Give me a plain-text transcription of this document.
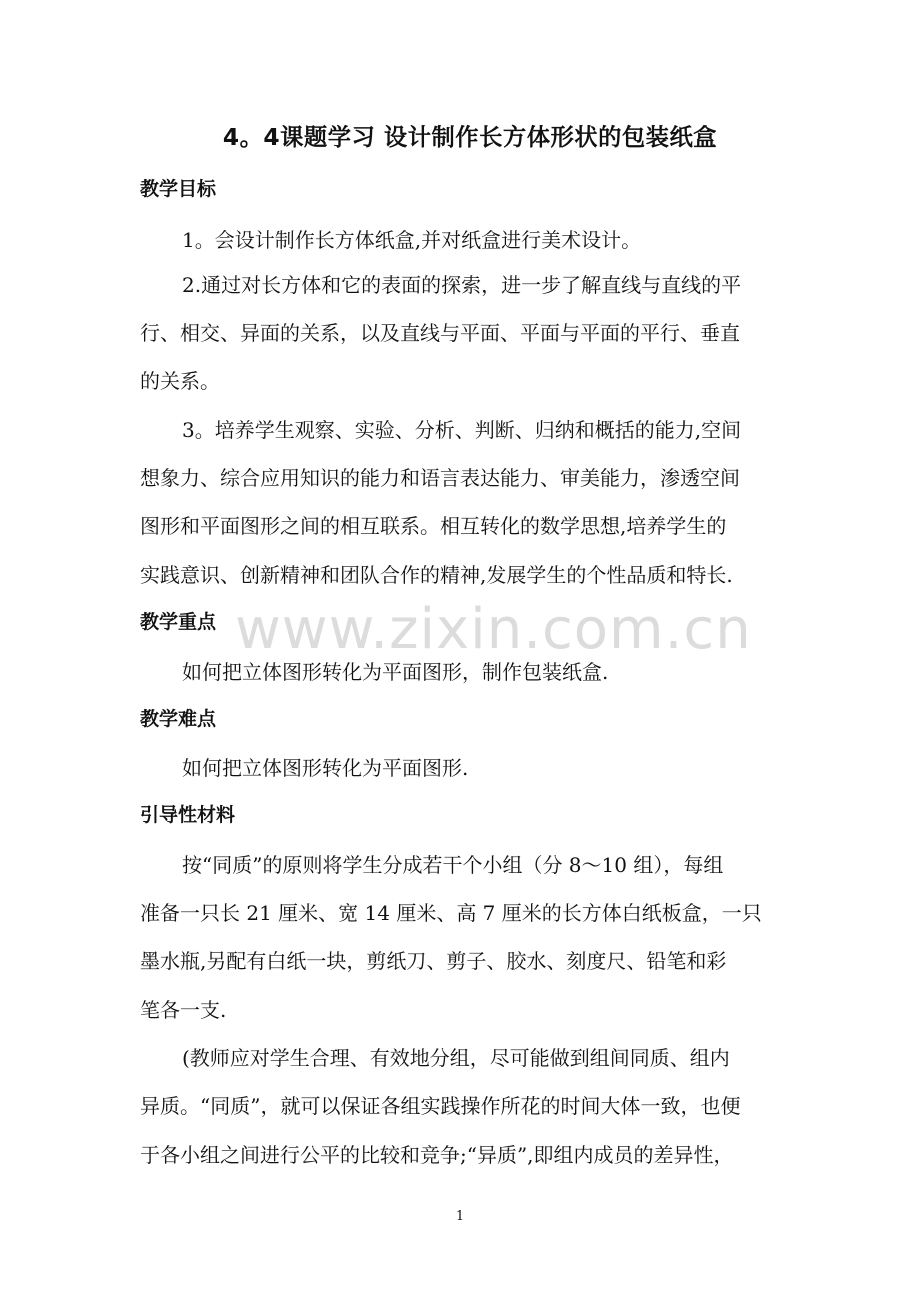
www.zixin.com.cn
4。4课题学习 设计制作长方体形状的包装纸盒
教学目标
1。会设计制作长方体纸盒,并对纸盒进行美术设计。
2.通过对长方体和它的表面的探索，进一步了解直线与直线的平
行、相交、异面的关系，以及直线与平面、平面与平面的平行、垂直
的关系。
3。培养学生观察、实验、分析、判断、归纳和概括的能力,空间
想象力、综合应用知识的能力和语言表达能力、审美能力，渗透空间
图形和平面图形之间的相互联系。相互转化的数学思想,培养学生的
实践意识、创新精神和团队合作的精神,发展学生的个性品质和特长.
教学重点
如何把立体图形转化为平面图形，制作包装纸盒.
教学难点
如何把立体图形转化为平面图形.
引导性材料
按“同质”的原则将学生分成若干个小组（分 8～10 组），每组
准备一只长 21 厘米、宽 14 厘米、高 7 厘米的长方体白纸板盒，一只
墨水瓶,另配有白纸一块，剪纸刀、剪子、胶水、刻度尺、铅笔和彩
笔各一支.
(教师应对学生合理、有效地分组，尽可能做到组间同质、组内
异质。“同质”，就可以保证各组实践操作所花的时间大体一致，也便
于各小组之间进行公平的比较和竞争;“异质”,即组内成员的差异性，
1
